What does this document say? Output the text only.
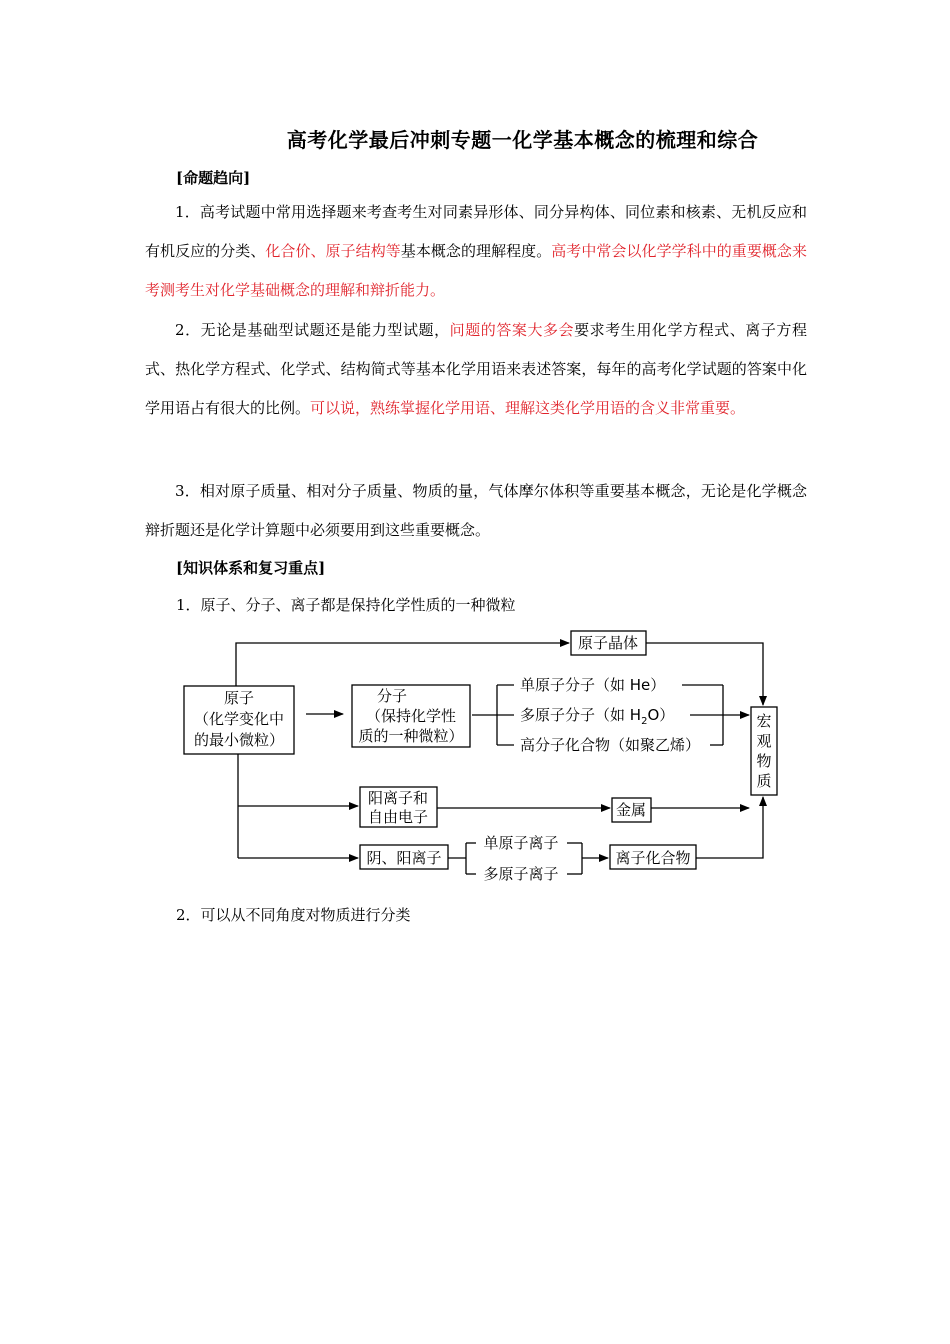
高考化学最后冲刺专题一化学基本概念的梳理和综合
[命题趋向]
1．高考试题中常用选择题来考查考生对同素异形体、同分异构体、同位素和核素、无机反应和有机反应的分类、化合价、原子结构等基本概念的理解程度。高考中常会以化学学科中的重要概念来考测考生对化学基础概念的理解和辩折能力。
2．无论是基础型试题还是能力型试题，问题的答案大多会要求考生用化学方程式、离子方程式、热化学方程式、化学式、结构简式等基本化学用语来表述答案，每年的高考化学试题的答案中化学用语占有很大的比例。可以说，熟练掌握化学用语、理解这类化学用语的含义非常重要。
3．相对原子质量、相对分子质量、物质的量，气体摩尔体积等重要基本概念，无论是化学概念辩折题还是化学计算题中必须要用到这些重要概念。
[知识体系和复习重点]
1．原子、分子、离子都是保持化学性质的一种微粒
原子
（化学变化中
的最小微粒）
原子晶体
分子
（保持化学性
质的一种微粒）
单原子分子（如 He）
多原子分子（如 $H_2O$）
高分子化合物（如聚乙烯）
宏
观
物
质
阳离子和
自由电子	金属
阴、阳离子
单原子离子
多原子离子
离子化合物
2．可以从不同角度对物质进行分类
